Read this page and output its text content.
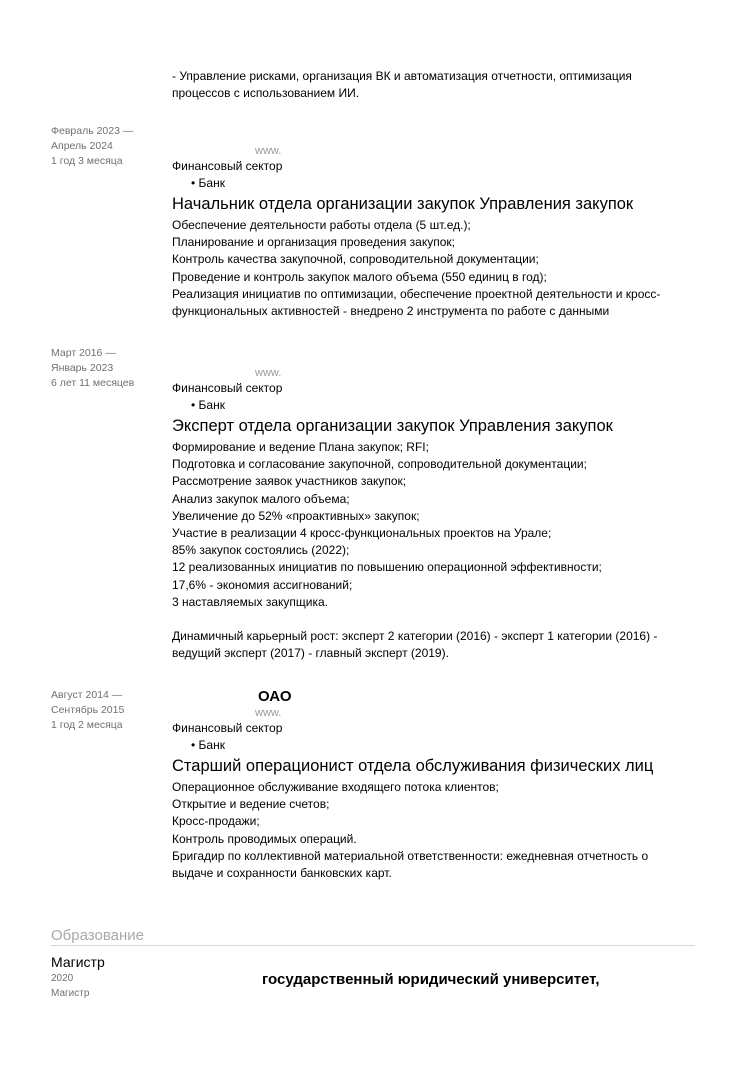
- Управление рисками, организация ВК и автоматизация отчетности, оптимизация процессов с использованием ИИ.
Февраль 2023 —
Апрель 2024
1 год 3 месяца
www.
Финансовый сектор
• Банк
Начальник отдела организации закупок Управления закупок
Обеспечение деятельности работы отдела (5 шт.ед.);
Планирование и организация проведения закупок;
Контроль качества закупочной, сопроводительной документации;
Проведение и контроль закупок малого объема (550 единиц в год);
Реализация инициатив по оптимизации, обеспечение проектной деятельности и кросс-функциональных активностей - внедрено 2 инструмента по работе с данными
Март 2016 —
Январь 2023
6 лет 11 месяцев
www.
Финансовый сектор
• Банк
Эксперт отдела организации закупок Управления закупок
Формирование и ведение Плана закупок; RFI;
Подготовка и согласование закупочной, сопроводительной документации;
Рассмотрение заявок участников закупок;
Анализ закупок малого объема;
Увеличение до 52% «проактивных» закупок;
Участие в реализации 4 кросс-функциональных проектов на Урале;
85% закупок состоялись (2022);
12 реализованных инициатив по повышению операционной эффективности;
17,6% - экономия ассигнований;
3 наставляемых закупщика.
Динамичный карьерный рост: эксперт 2 категории (2016) - эксперт 1 категории (2016) - ведущий эксперт (2017) - главный эксперт (2019).
Август 2014 —
Сентябрь 2015
1 год 2 месяца
ОАО
www.
Финансовый сектор
• Банк
Старший операционист отдела обслуживания физических лиц
Операционное обслуживание входящего потока клиентов;
Открытие и ведение счетов;
Кросс-продажи;
Контроль проводимых операций.
Бригадир по коллективной материальной ответственности: ежедневная отчетность о выдаче и сохранности банковских карт.
Образование
Магистр
2020
Магистр
государственный юридический университет,
